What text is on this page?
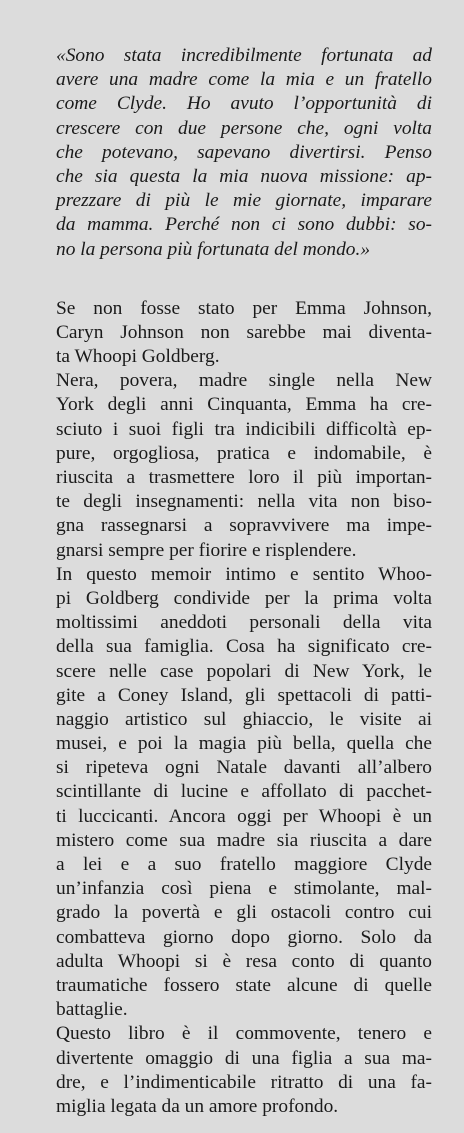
«Sono stata incredibilmente fortunata ad
avere una madre come la mia e un fratello
come Clyde. Ho avuto l’opportunità di
crescere con due persone che, ogni volta
che potevano, sapevano divertirsi. Penso
che sia questa la mia nuova missione: ap-
prezzare di più le mie giornate, imparare
da mamma. Perché non ci sono dubbi: so-
no la persona più fortunata del mondo.»
Se non fosse stato per Emma Johnson,
Caryn Johnson non sarebbe mai diventa-
ta Whoopi Goldberg.
Nera, povera, madre single nella New
York degli anni Cinquanta, Emma ha cre-
sciuto i suoi figli tra indicibili difficoltà ep-
pure, orgogliosa, pratica e indomabile, è
riuscita a trasmettere loro il più importan-
te degli insegnamenti: nella vita non biso-
gna rassegnarsi a sopravvivere ma impe-
gnarsi sempre per fiorire e risplendere.
In questo memoir intimo e sentito Whoo-
pi Goldberg condivide per la prima volta
moltissimi aneddoti personali della vita
della sua famiglia. Cosa ha significato cre-
scere nelle case popolari di New York, le
gite a Coney Island, gli spettacoli di patti-
naggio artistico sul ghiaccio, le visite ai
musei, e poi la magia più bella, quella che
si ripeteva ogni Natale davanti all’albero
scintillante di lucine e affollato di pacchet-
ti luccicanti. Ancora oggi per Whoopi è un
mistero come sua madre sia riuscita a dare
a lei e a suo fratello maggiore Clyde
un’infanzia così piena e stimolante, mal-
grado la povertà e gli ostacoli contro cui
combatteva giorno dopo giorno. Solo da
adulta Whoopi si è resa conto di quanto
traumatiche fossero state alcune di quelle
battaglie.
Questo libro è il commovente, tenero e
divertente omaggio di una figlia a sua ma-
dre, e l’indimenticabile ritratto di una fa-
miglia legata da un amore profondo.
